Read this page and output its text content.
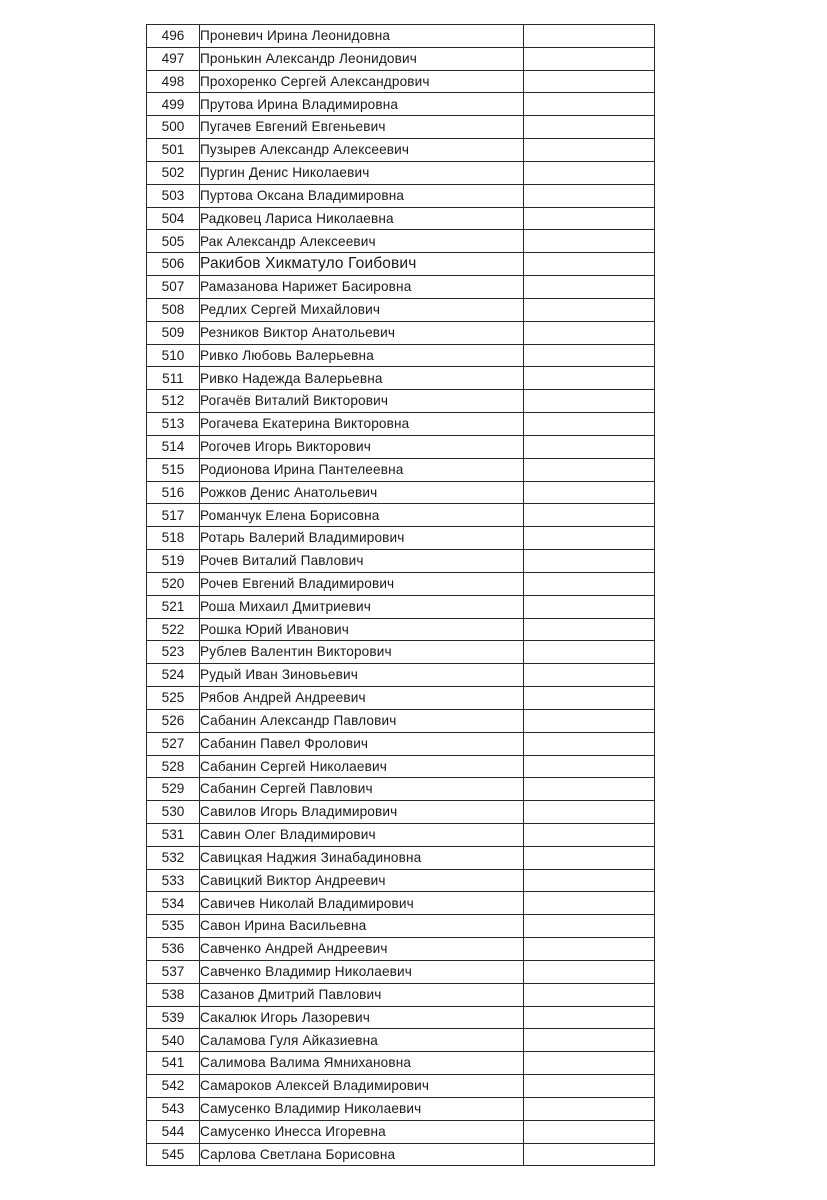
496	Проневич Ирина Леонидовна	
497	Пронькин Александр Леонидович	
498	Прохоренко Сергей Александрович	
499	Прутова Ирина Владимировна	
500	Пугачев Евгений Евгеньевич	
501	Пузырев Александр Алексеевич	
502	Пургин Денис Николаевич	
503	Пуртова Оксана Владимировна	
504	Радковец Лариса Николаевна	
505	Рак Александр Алексеевич	
506	Ракибов Хикматуло Гоибович	
507	Рамазанова Нарижет Басировна	
508	Редлих Сергей Михайлович	
509	Резников Виктор Анатольевич	
510	Ривко Любовь Валерьевна	
511	Ривко Надежда Валерьевна	
512	Рогачёв Виталий Викторович	
513	Рогачева Екатерина Викторовна	
514	Рогочев Игорь Викторович	
515	Родионова Ирина Пантелеевна	
516	Рожков Денис Анатольевич	
517	Романчук Елена Борисовна	
518	Ротарь Валерий Владимирович	
519	Рочев Виталий Павлович	
520	Рочев Евгений Владимирович	
521	Роша Михаил Дмитриевич	
522	Рошка Юрий Иванович	
523	Рублев Валентин Викторович	
524	Рудый Иван Зиновьевич	
525	Рябов Андрей Андреевич	
526	Сабанин Александр Павлович	
527	Сабанин Павел Фролович	
528	Сабанин Сергей Николаевич	
529	Сабанин Сергей Павлович	
530	Савилов Игорь Владимирович	
531	Савин Олег Владимирович	
532	Савицкая Наджия Зинабадиновна	
533	Савицкий Виктор Андреевич	
534	Савичев Николай Владимирович	
535	Савон Ирина Васильевна	
536	Савченко Андрей Андреевич	
537	Савченко Владимир Николаевич	
538	Сазанов Дмитрий Павлович	
539	Сакалюк Игорь Лазоревич	
540	Саламова Гуля Айказиевна	
541	Салимова Валима Ямнихановна	
542	Самароков Алексей Владимирович	
543	Самусенко Владимир Николаевич	
544	Самусенко Инесса Игоревна	
545	Сарлова Светлана Борисовна	
